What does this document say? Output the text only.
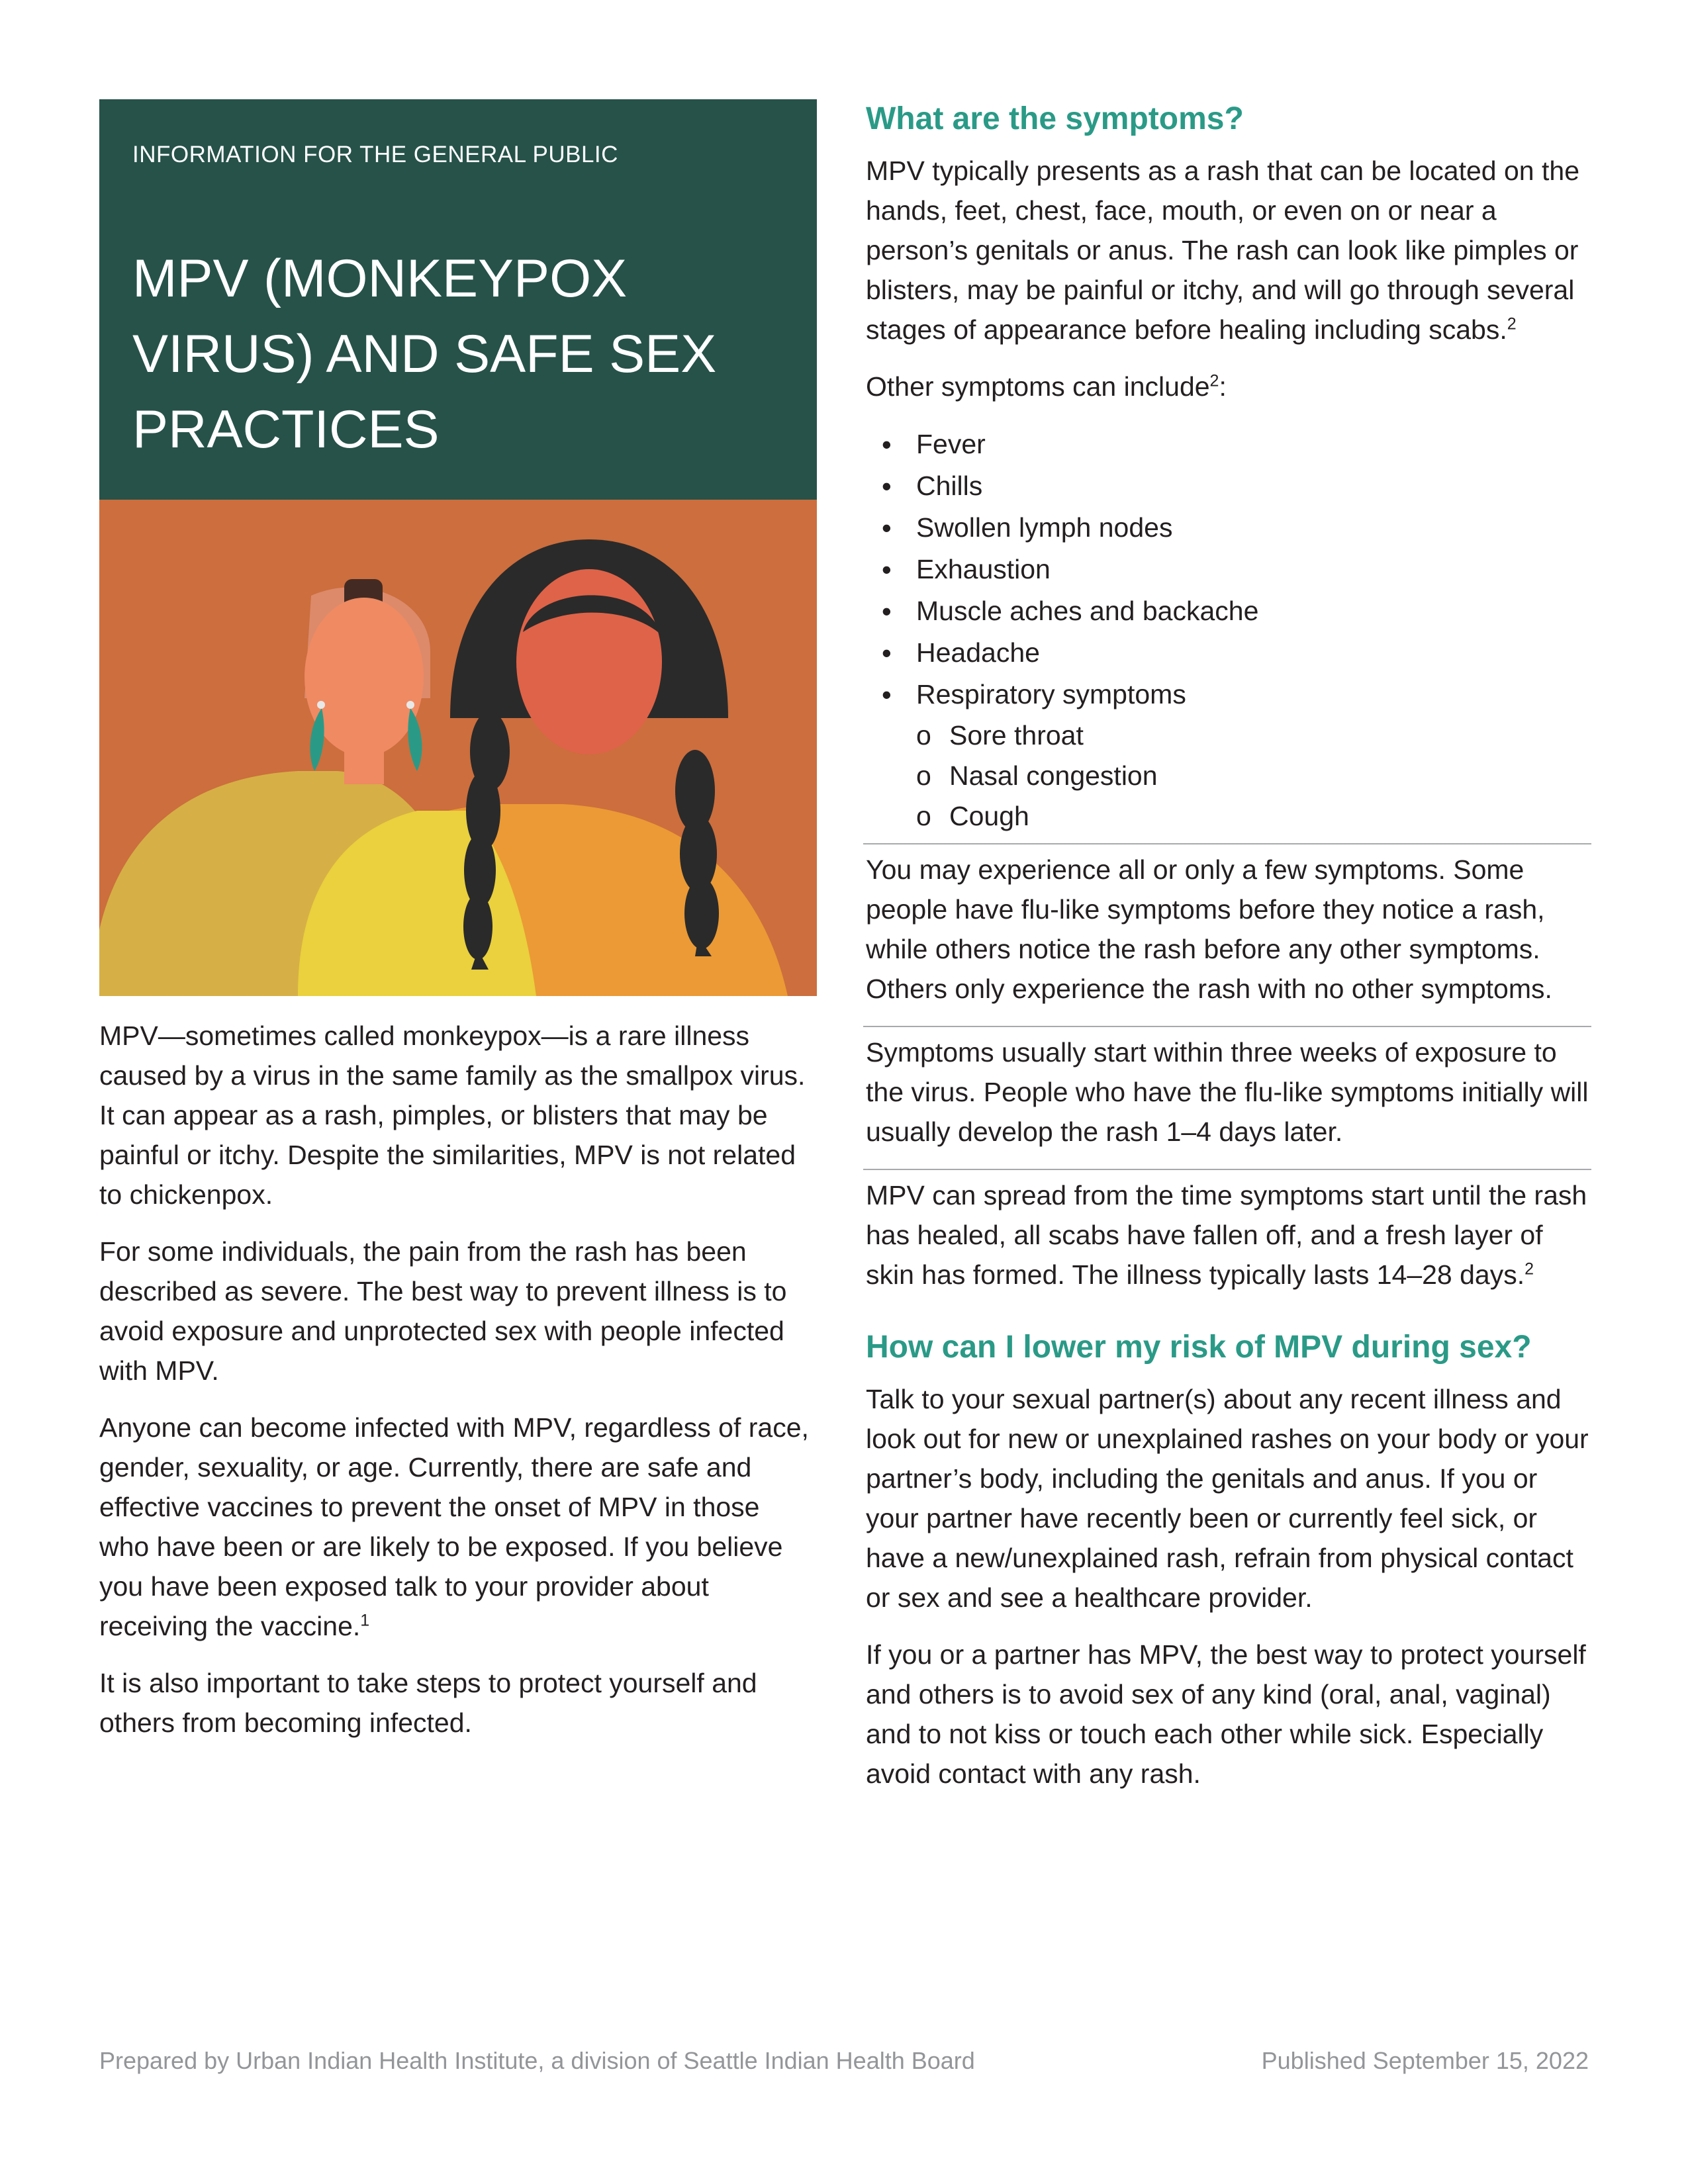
INFORMATION FOR THE GENERAL PUBLIC

MPV (MONKEYPOX VIRUS) AND SAFE SEX PRACTICES

MPV—sometimes called monkeypox—is a rare illness caused by a virus in the same family as the smallpox virus. It can appear as a rash, pimples, or blisters that may be painful or itchy. Despite the similarities, MPV is not related to chickenpox.

For some individuals, the pain from the rash has been described as severe. The best way to prevent illness is to avoid exposure and unprotected sex with people infected with MPV.

Anyone can become infected with MPV, regardless of race, gender, sexuality, or age. Currently, there are safe and effective vaccines to prevent the onset of MPV in those who have been or are likely to be exposed. If you believe you have been exposed talk to your provider about receiving the vaccine.$^1$

It is also important to take steps to protect yourself and others from becoming infected.

What are the symptoms?

MPV typically presents as a rash that can be located on the hands, feet, chest, face, mouth, or even on or near a person’s genitals or anus. The rash can look like pimples or blisters, may be painful or itchy, and will go through several stages of appearance before healing including scabs.$^2$

Other symptoms can include$^2$:

• Fever
• Chills
• Swollen lymph nodes
• Exhaustion
• Muscle aches and backache
• Headache
• Respiratory symptoms
o Sore throat
o Nasal congestion
o Cough

You may experience all or only a few symptoms. Some people have flu-like symptoms before they notice a rash, while others notice the rash before any other symptoms. Others only experience the rash with no other symptoms.

Symptoms usually start within three weeks of exposure to the virus. People who have the flu-like symptoms initially will usually develop the rash 1–4 days later.

MPV can spread from the time symptoms start until the rash has healed, all scabs have fallen off, and a fresh layer of skin has formed. The illness typically lasts 14–28 days.$^2$

How can I lower my risk of MPV during sex?

Talk to your sexual partner(s) about any recent illness and look out for new or unexplained rashes on your body or your partner’s body, including the genitals and anus. If you or your partner have recently been or currently feel sick, or have a new/unexplained rash, refrain from physical contact or sex and see a healthcare provider.

If you or a partner has MPV, the best way to protect yourself and others is to avoid sex of any kind (oral, anal, vaginal) and to not kiss or touch each other while sick. Especially avoid contact with any rash.

Prepared by Urban Indian Health Institute, a division of Seattle Indian Health Board	Published September 15, 2022
